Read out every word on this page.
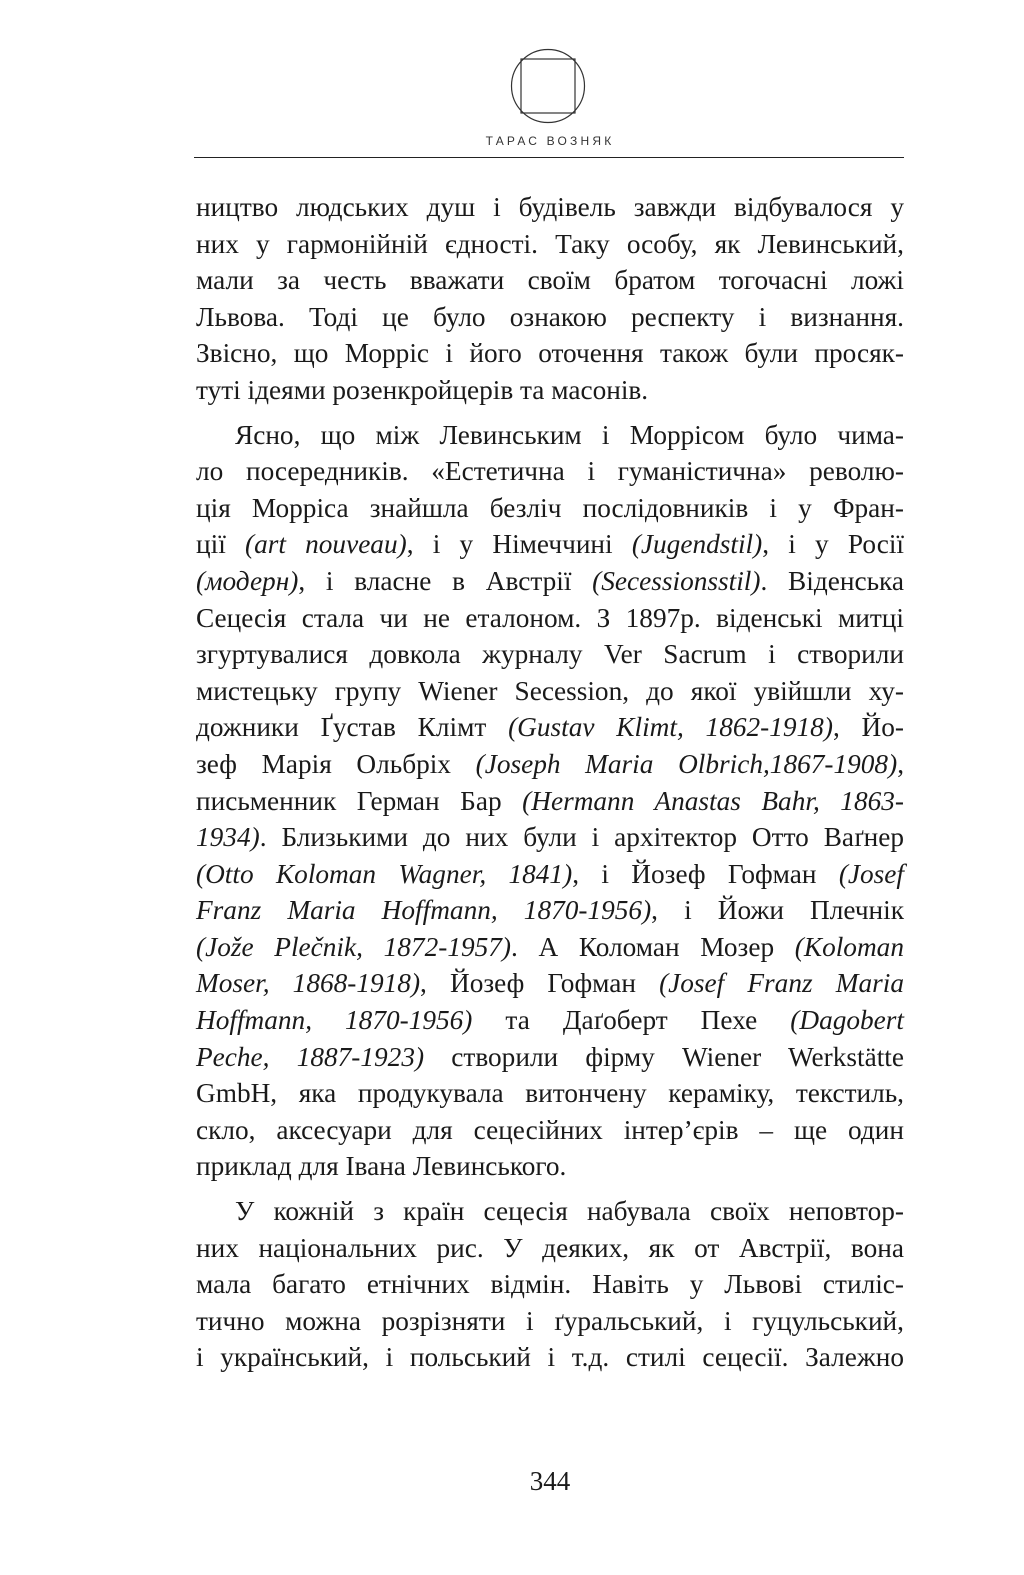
ТАРАС ВОЗНЯК

ництво людських душ і будівель завжди відбувалося у
них у гармонійній єдності. Таку особу, як Левинський,
мали за честь вважати своїм братом тогочасні ложі
Львова. Тоді це було ознакою респекту і визнання.
Звісно, що Морріс і його оточення також були просяк-
туті ідеями розенкройцерів та масонів.
Ясно, що між Левинським і Моррісом було чима-
ло посередників. «Естетична і гуманістична» револю-
ція Морріса знайшла безліч послідовників і у Фран-
ції (art nouveau), і у Німеччині (Jugendstil), і у Росії
(модерн), і власне в Австрії (Secessionsstil). Віденська
Сецесія стала чи не еталоном. З 1897р. віденські митці
згуртувалися довкола журналу Ver Sacrum і створили
мистецьку групу Wiener Secession, до якої увійшли ху-
дожники Ґустав Клімт (Gustav Klimt, 1862-1918), Йо-
зеф Марія Ольбріх (Joseph Maria Olbrich,1867-1908),
письменник Герман Бар (Hermann Anastas Bahr, 1863-
1934). Близькими до них були і архітектор Отто Ваґнер
(Otto Koloman Wagner, 1841), і Йозеф Гофман (Josef
Franz Maria Hoffmann, 1870-1956), і Йожи Плечнік
(Jože Plečnik, 1872-1957). А Коломан Мозер (Koloman
Moser, 1868-1918), Йозеф Гофман (Josef Franz Maria
Hoffmann, 1870-1956) та Даґоберт Пехе (Dagobert
Peche, 1887-1923) створили фірму Wiener Werkstätte
GmbH, яка продукувала витончену кераміку, текстиль,
скло, аксесуари для сецесійних інтер’єрів – ще один
приклад для Івана Левинського.
У кожній з країн сецесія набувала своїх неповтор-
них національних рис. У деяких, як от Австрії, вона
мала багато етнічних відмін. Навіть у Львові стиліс-
тично можна розрізняти і ґуральський, і гуцульський,
і український, і польський і т.д. стилі сецесії. Залежно

344
